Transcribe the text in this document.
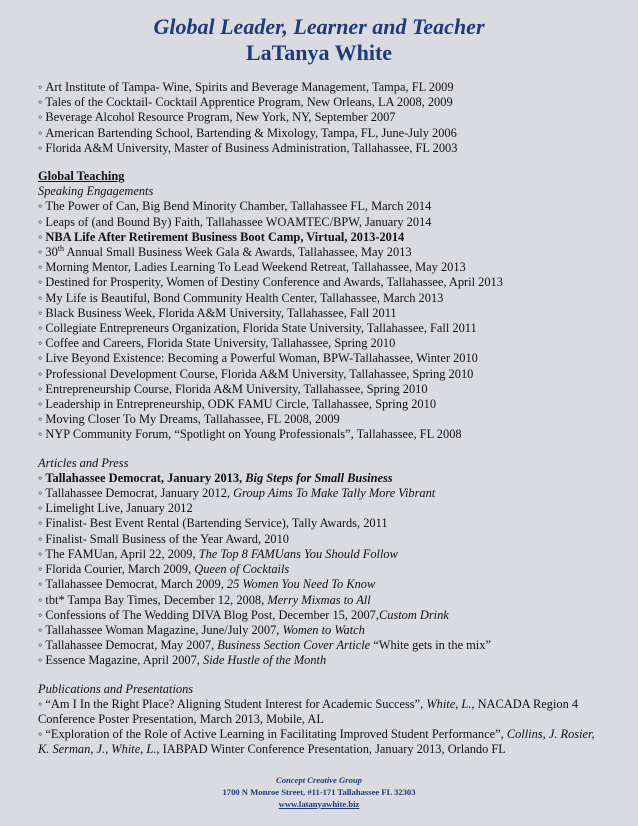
Global Leader, Learner and Teacher
LaTanya White
◦ Art Institute of Tampa- Wine, Spirits and Beverage Management, Tampa, FL 2009
◦ Tales of the Cocktail- Cocktail Apprentice Program, New Orleans, LA 2008, 2009
◦ Beverage Alcohol Resource Program, New York, NY, September 2007
◦ American Bartending School, Bartending & Mixology, Tampa, FL, June-July 2006
◦ Florida A&M University, Master of Business Administration, Tallahassee, FL 2003
Global Teaching
Speaking Engagements
◦ The Power of Can, Big Bend Minority Chamber, Tallahassee FL, March 2014
◦ Leaps of (and Bound By) Faith, Tallahassee WOAMTEC/BPW, January 2014
◦ NBA Life After Retirement Business Boot Camp, Virtual, 2013-2014
◦ 30th Annual Small Business Week Gala & Awards, Tallahassee, May 2013
◦ Morning Mentor, Ladies Learning To Lead Weekend Retreat, Tallahassee, May 2013
◦ Destined for Prosperity, Women of Destiny Conference and Awards, Tallahassee, April 2013
◦ My Life is Beautiful, Bond Community Health Center, Tallahassee, March 2013
◦ Black Business Week, Florida A&M University, Tallahassee, Fall 2011
◦ Collegiate Entrepreneurs Organization, Florida State University, Tallahassee, Fall 2011
◦ Coffee and Careers, Florida State University, Tallahassee, Spring 2010
◦ Live Beyond Existence: Becoming a Powerful Woman, BPW-Tallahassee, Winter 2010
◦ Professional Development Course, Florida A&M University, Tallahassee, Spring 2010
◦ Entrepreneurship Course, Florida A&M University, Tallahassee, Spring 2010
◦ Leadership in Entrepreneurship, ODK FAMU Circle, Tallahassee, Spring 2010
◦ Moving Closer To My Dreams, Tallahassee, FL 2008, 2009
◦ NYP Community Forum, “Spotlight on Young Professionals”, Tallahassee, FL 2008
Articles and Press
◦ Tallahassee Democrat, January 2013, Big Steps for Small Business
◦ Tallahassee Democrat, January 2012, Group Aims To Make Tally More Vibrant
◦ Limelight Live, January 2012
◦ Finalist- Best Event Rental (Bartending Service), Tally Awards, 2011
◦ Finalist- Small Business of the Year Award, 2010
◦ The FAMUan, April 22, 2009, The Top 8 FAMUans You Should Follow
◦ Florida Courier, March 2009, Queen of Cocktails
◦ Tallahassee Democrat, March 2009, 25 Women You Need To Know
◦ tbt* Tampa Bay Times, December 12, 2008, Merry Mixmas to All
◦ Confessions of The Wedding DIVA Blog Post, December 15, 2007,Custom Drink
◦ Tallahassee Woman Magazine, June/July 2007, Women to Watch
◦ Tallahassee Democrat, May 2007, Business Section Cover Article “White gets in the mix”
◦ Essence Magazine, April 2007, Side Hustle of the Month
Publications and Presentations
◦ “Am I In the Right Place? Aligning Student Interest for Academic Success”, White, L., NACADA Region 4 Conference Poster Presentation, March 2013, Mobile, AL
◦ “Exploration of the Role of Active Learning in Facilitating Improved Student Performance”, Collins, J. Rosier, K. Serman, J., White, L., IABPAD Winter Conference Presentation, January 2013, Orlando FL
Concept Creative Group
1700 N Monroe Street, #11-171 Tallahassee FL 32303
www.latanyawhite.biz
